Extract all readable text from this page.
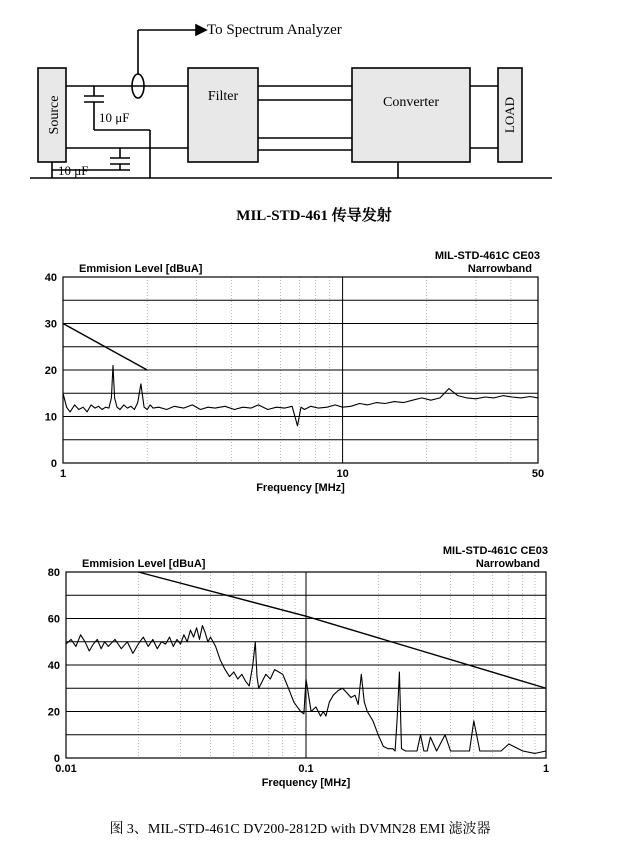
To Spectrum Analyzer
Source	10 μF
10 μF
Filter	Converter	LOAD
MIL-STD-461 传导发射
0
10
20
30
40
1	10	50
Emmision Level [dBuA]
Frequency [MHz]
MIL-STD-461C CE03
Narrowband
0
20
40
60
80
0.01	0.1	1
Emmision Level [dBuA]
Frequency [MHz]
MIL-STD-461C CE03
Narrowband
图 3、MIL-STD-461C DV200-2812D with DVMN28 EMI 滤波器
